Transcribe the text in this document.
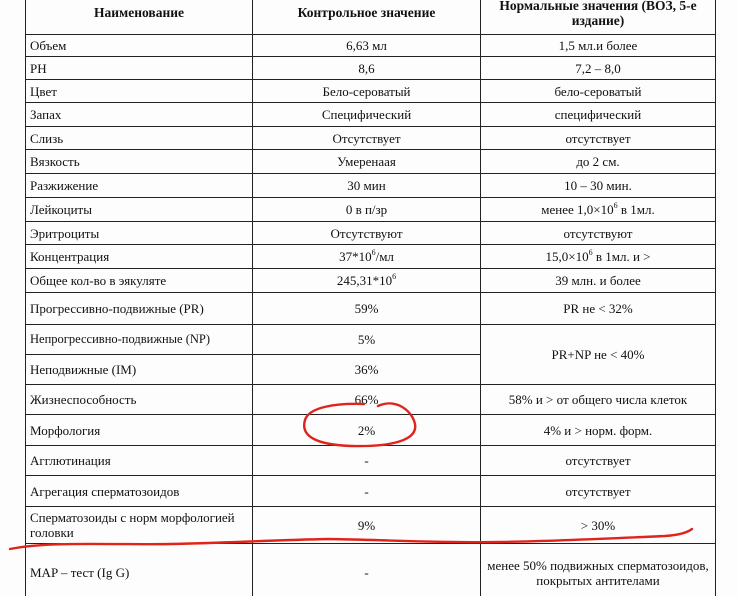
Наименование	Контрольное значение	Нормальные значения (ВОЗ, 5-е издание)
Объем	6,63 мл	1,5 мл.и более
PH	8,6	7,2 – 8,0
Цвет	Бело-сероватый	бело-сероватый
Запах	Специфический	специфический
Слизь	Отсутствует	отсутствует
Вязкость	Умеренаая	до 2 см.
Разжижение	30 мин	10 – 30 мин.
Лейкоциты	0 в п/зр	менее $1,0\times 10^6$ в 1мл.
Эритроциты	Отсутствуют	отсутствуют
Концентрация	$37*10^6/мл$	$15,0\times 10^6$ в 1мл. и >
Общее кол-во в эякуляте	$245,31*10^6$	39 млн. и более
Прогрессивно-подвижные (PR)	59%	PR не < 32%
Непрогрессивно-подвижные (NP)	5%	PR+NP не < 40%
Неподвижные (IM)	36%	
Жизнеспособность	66%	58% и > от общего числа клеток
Морфология	2%	4% и > норм. форм.
Агглютинация	-	отсутствует
Агрегация сперматозоидов	-	отсутствует
Сперматозоиды с норм морфологией головки	9%	> 30%
MAP – тест (Ig G)	-	менее 50% подвижных сперматозоидов, покрытых антителами
